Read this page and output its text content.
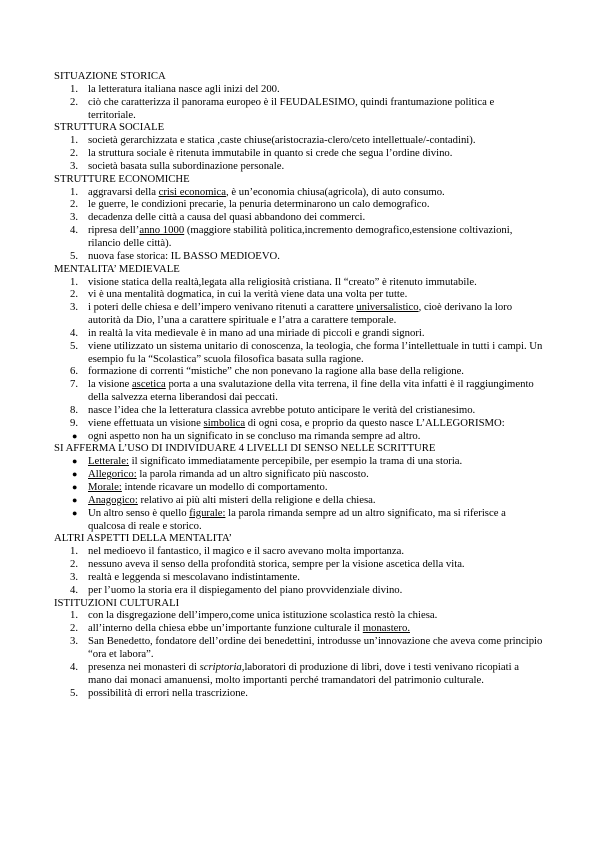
SITUAZIONE STORICA
1. la letteratura italiana nasce agli inizi del 200.
2. ciò che caratterizza il panorama europeo è il FEUDALESIMO, quindi frantumazione politica e territoriale.
STRUTTURA SOCIALE
1. società gerarchizzata e statica ,caste chiuse(aristocrazia-clero/ceto intellettuale/-contadini).
2. la struttura sociale è ritenuta immutabile in quanto si crede che segua l’ordine divino.
3. società basata sulla subordinazione personale.
STRUTTURE ECONOMICHE
1. aggravarsi della crisi economica, è un’economia chiusa(agricola), di auto consumo.
2. le guerre, le condizioni precarie, la penuria determinarono un calo demografico.
3. decadenza delle città a causa del quasi abbandono dei commerci.
4. ripresa dell’anno 1000 (maggiore stabilità politica,incremento demografico,estensione coltivazioni, rilancio delle città).
5. nuova fase storica: IL BASSO MEDIOEVO.
MENTALITA’ MEDIEVALE
1. visione statica della realtà,legata alla religiosità cristiana. Il “creato” è ritenuto immutabile.
2. vi è una mentalità dogmatica, in cui la verità viene data una volta per tutte.
3. i poteri delle chiesa e dell’impero venivano ritenuti a carattere universalistico, cioè derivano la loro autorità da Dio, l’una a carattere spirituale e l’atra a carattere temporale.
4. in realtà la vita medievale è in mano ad una miriade di piccoli e grandi signori.
5. viene utilizzato un sistema unitario di conoscenza, la teologia, che forma l’intellettuale in tutti i campi. Un esempio fu la “Scolastica” scuola filosofica basata sulla ragione.
6. formazione di correnti “mistiche” che non ponevano la ragione alla base della religione.
7. la visione ascetica porta a una svalutazione della vita terrena, il fine della vita infatti è il raggiungimento della salvezza eterna liberandosi dai peccati.
8. nasce l’idea che la letteratura classica avrebbe potuto anticipare le verità del cristianesimo.
9. viene effettuata un visione simbolica di ogni cosa, e proprio da questo nasce L’ALLEGORISMO:
● ogni aspetto non ha un significato in se concluso ma rimanda sempre ad altro.
SI AFFERMA L’USO DI INDIVIDUARE 4 LIVELLI DI SENSO NELLE SCRITTURE
● Letterale: il significato immediatamente percepibile, per esempio la trama di una storia.
● Allegorico: la parola rimanda ad un altro significato più nascosto.
● Morale: intende ricavare un modello di comportamento.
● Anagogico: relativo ai più alti misteri della religione e della chiesa.
● Un altro senso è quello figurale: la parola rimanda sempre ad un altro significato, ma si riferisce a qualcosa di reale e storico.
ALTRI ASPETTI DELLA MENTALITA’
1. nel medioevo il fantastico, il magico e il sacro avevano molta importanza.
2. nessuno aveva il senso della profondità storica, sempre per la visione ascetica della vita.
3. realtà e leggenda si mescolavano indistintamente.
4. per l’uomo la storia era il dispiegamento del piano provvidenziale divino.
ISTITUZIONI CULTURALI
1. con la disgregazione dell’impero,come unica istituzione scolastica restò la chiesa.
2. all’interno della chiesa ebbe un’importante funzione culturale il monastero.
3. San Benedetto, fondatore dell’ordine dei benedettini, introdusse un’innovazione che aveva come principio “ora et labora”.
4. presenza nei monasteri di scriptoria,laboratori di produzione di libri, dove i testi venivano ricopiati a mano dai monaci amanuensi, molto importanti perché tramandatori del patrimonio culturale.
5. possibilità di errori nella trascrizione.
